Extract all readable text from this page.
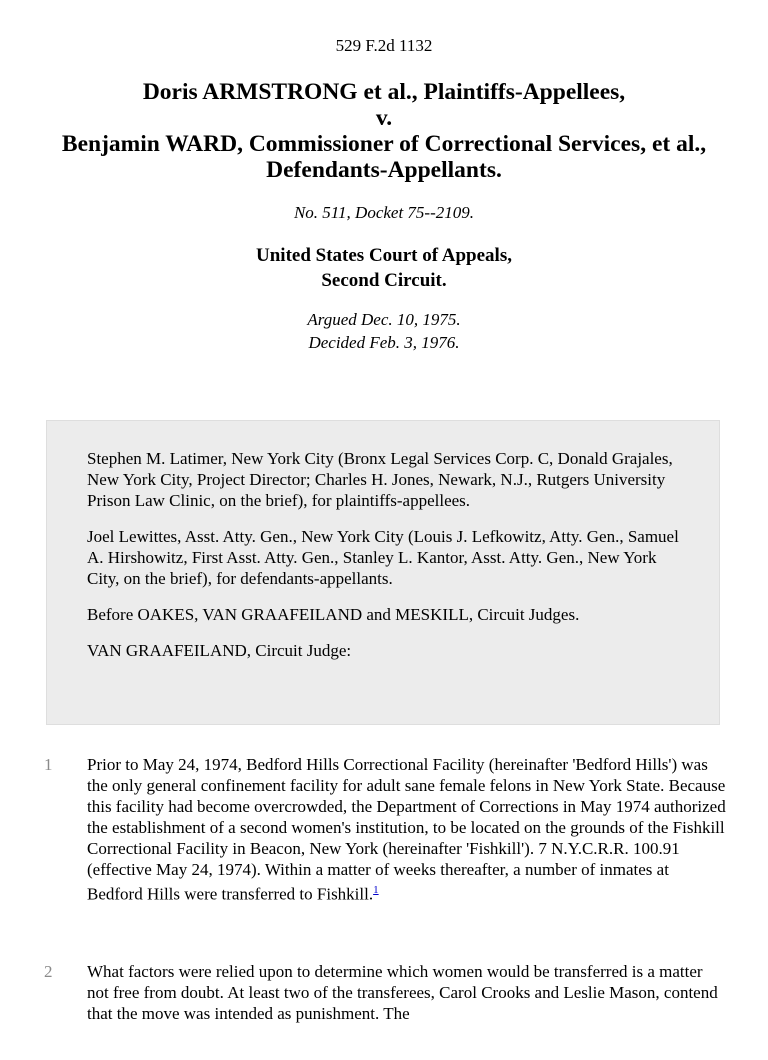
529 F.2d 1132
Doris ARMSTRONG et al., Plaintiffs-Appellees,
v.
Benjamin WARD, Commissioner of Correctional Services, et al., Defendants-Appellants.
No. 511, Docket 75--2109.
United States Court of Appeals,
Second Circuit.
Argued Dec. 10, 1975.
Decided Feb. 3, 1976.

Stephen M. Latimer, New York City (Bronx Legal Services Corp. C, Donald Grajales, New York City, Project Director; Charles H. Jones, Newark, N.J., Rutgers University Prison Law Clinic, on the brief), for plaintiffs-appellees.

Joel Lewittes, Asst. Atty. Gen., New York City (Louis J. Lefkowitz, Atty. Gen., Samuel A. Hirshowitz, First Asst. Atty. Gen., Stanley L. Kantor, Asst. Atty. Gen., New York City, on the brief), for defendants-appellants.

Before OAKES, VAN GRAAFEILAND and MESKILL, Circuit Judges.

VAN GRAAFEILAND, Circuit Judge:

1 Prior to May 24, 1974, Bedford Hills Correctional Facility (hereinafter 'Bedford Hills') was the only general confinement facility for adult sane female felons in New York State. Because this facility had become overcrowded, the Department of Corrections in May 1974 authorized the establishment of a second women's institution, to be located on the grounds of the Fishkill Correctional Facility in Beacon, New York (hereinafter 'Fishkill'). 7 N.Y.C.R.R. 100.91 (effective May 24, 1974). Within a matter of weeks thereafter, a number of inmates at Bedford Hills were transferred to Fishkill.$^1$
2 What factors were relied upon to determine which women would be transferred is a matter not free from doubt. At least two of the transferees, Carol Crooks and Leslie Mason, contend that the move was intended as punishment. The
